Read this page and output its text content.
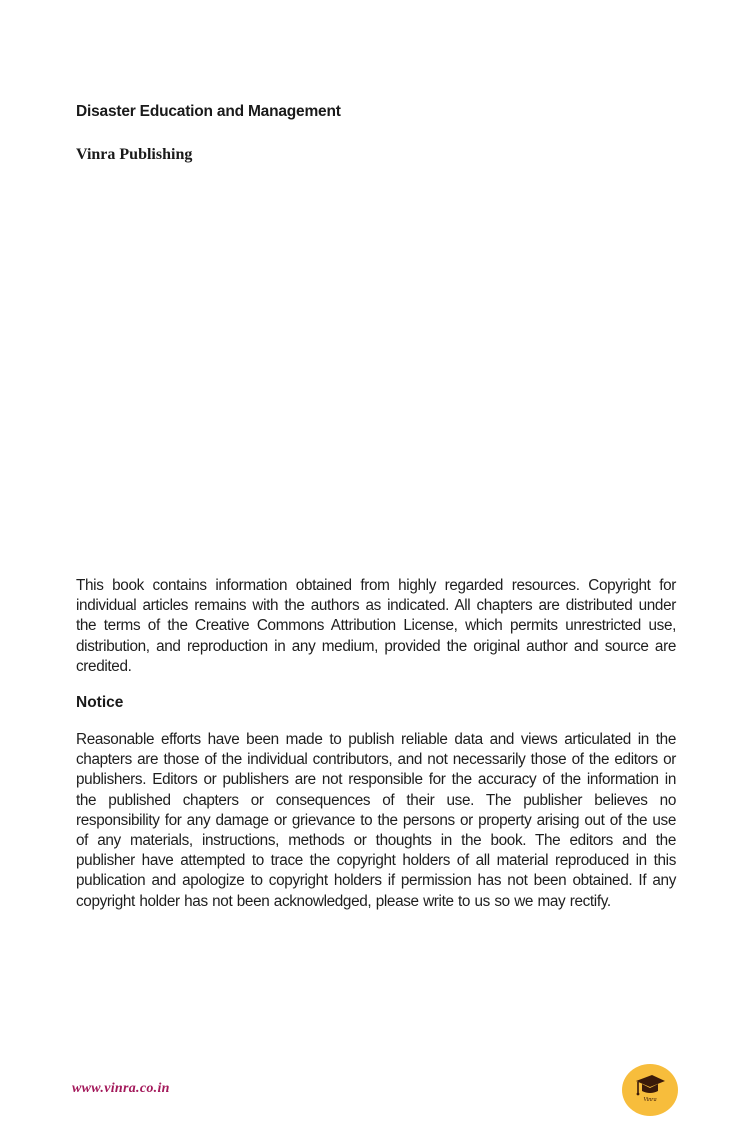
Disaster Education and Management
Vinra Publishing

This book contains information obtained from highly regarded resources. Copyright for individual articles remains with the authors as indicated. All chapters are distributed under the terms of the Creative Commons Attribution License, which permits unrestricted use, distribution, and reproduction in any medium, provided the original author and source are credited.

Notice

Reasonable efforts have been made to publish reliable data and views articulated in the chapters are those of the individual contributors, and not necessarily those of the editors or publishers. Editors or publishers are not responsible for the accuracy of the information in the published chapters or consequences of their use. The publisher believes no responsibility for any damage or grievance to the persons or property arising out of the use of any materials, instructions, methods or thoughts in the book. The editors and the publisher have attempted to trace the copyright holders of all material reproduced in this publication and apologize to copyright holders if permission has not been obtained. If any copyright holder has not been acknowledged, please write to us so we may rectify.

www.vinra.co.in
Vinra
